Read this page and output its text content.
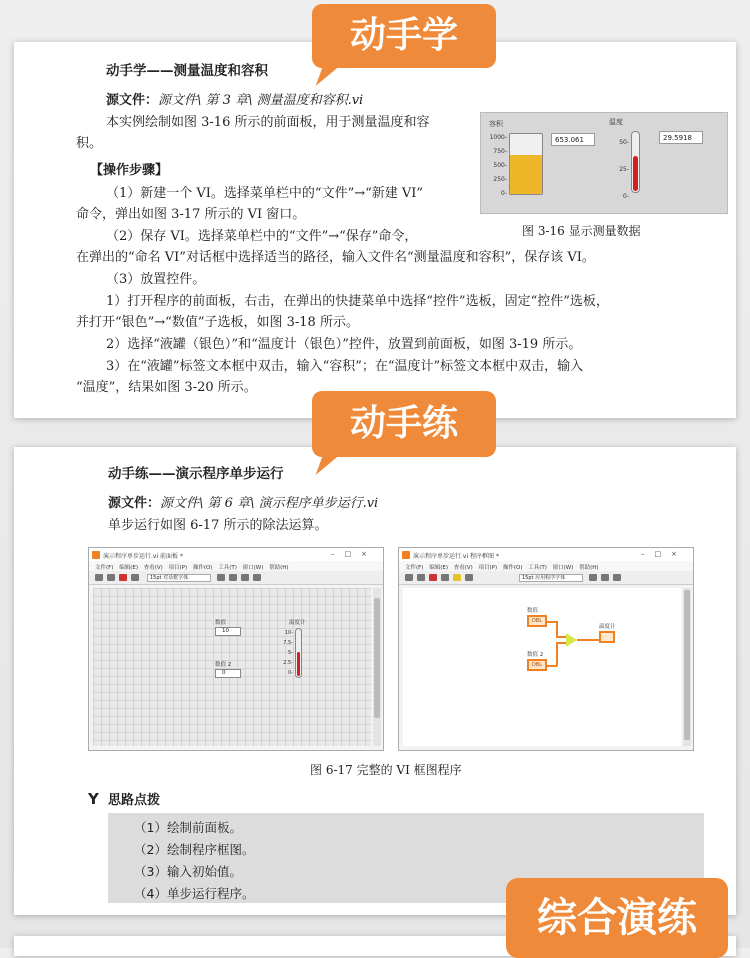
动手学——测量温度和容积
源文件：源文件\ 第 3 章\ 测量温度和容积.vi
本实例绘制如图 3-16 所示的前面板，用于测量温度和容
积。
【操作步骤】
（1）新建一个 VI。选择菜单栏中的“文件”→“新建 VI”
命令，弹出如图 3-17 所示的 VI 窗口。
（2）保存 VI。选择菜单栏中的“文件”→“保存”命令，
在弹出的“命名 VI”对话框中选择适当的路径，输入文件名“测量温度和容积”，保存该 VI。
（3）放置控件。
1）打开程序的前面板，右击，在弹出的快捷菜单中选择“控件”选板，固定“控件”选板，
并打开“银色”→“数值”子选板，如图 3-18 所示。
2）选择“液罐（银色）”和“温度计（银色）”控件，放置到前面板，如图 3-19 所示。
3）在“液罐”标签文本框中双击，输入“容积”；在“温度计”标签文本框中双击，输入
“温度”，结果如图 3-20 所示。
容积
1000-
750-
500-
250-
0-
653.061
温度
50-
25-
0-
29.5918
图 3-16 显示测量数据
动手学
动手练——演示程序单步运行
源文件：源文件\ 第 6 章\ 演示程序单步运行.vi
单步运行如图 6-17 所示的除法运算。
演示程序单步运行.vi 前面板 *	–□×
文件(F) 编辑(E) 查看(V) 项目(P) 操作(O) 工具(T) 窗口(W) 帮助(H)
15pt 对话框字体
数值
10
数值 2
0
温度计
10-
7.5-
5-
2.5-
0-
演示程序单步运行.vi 程序框图 *	–□×
文件(F) 编辑(E) 查看(V) 项目(P) 操作(O) 工具(T) 窗口(W) 帮助(H)
15pt 应用程序字体
数值
DBL
数值 2
DBL
温度计
图 6-17 完整的 VI 框图程序
Y 思路点拨
（1）绘制前面板。
（2）绘制程序框图。
（3）输入初始值。
（4）单步运行程序。
动手练
综合演练
